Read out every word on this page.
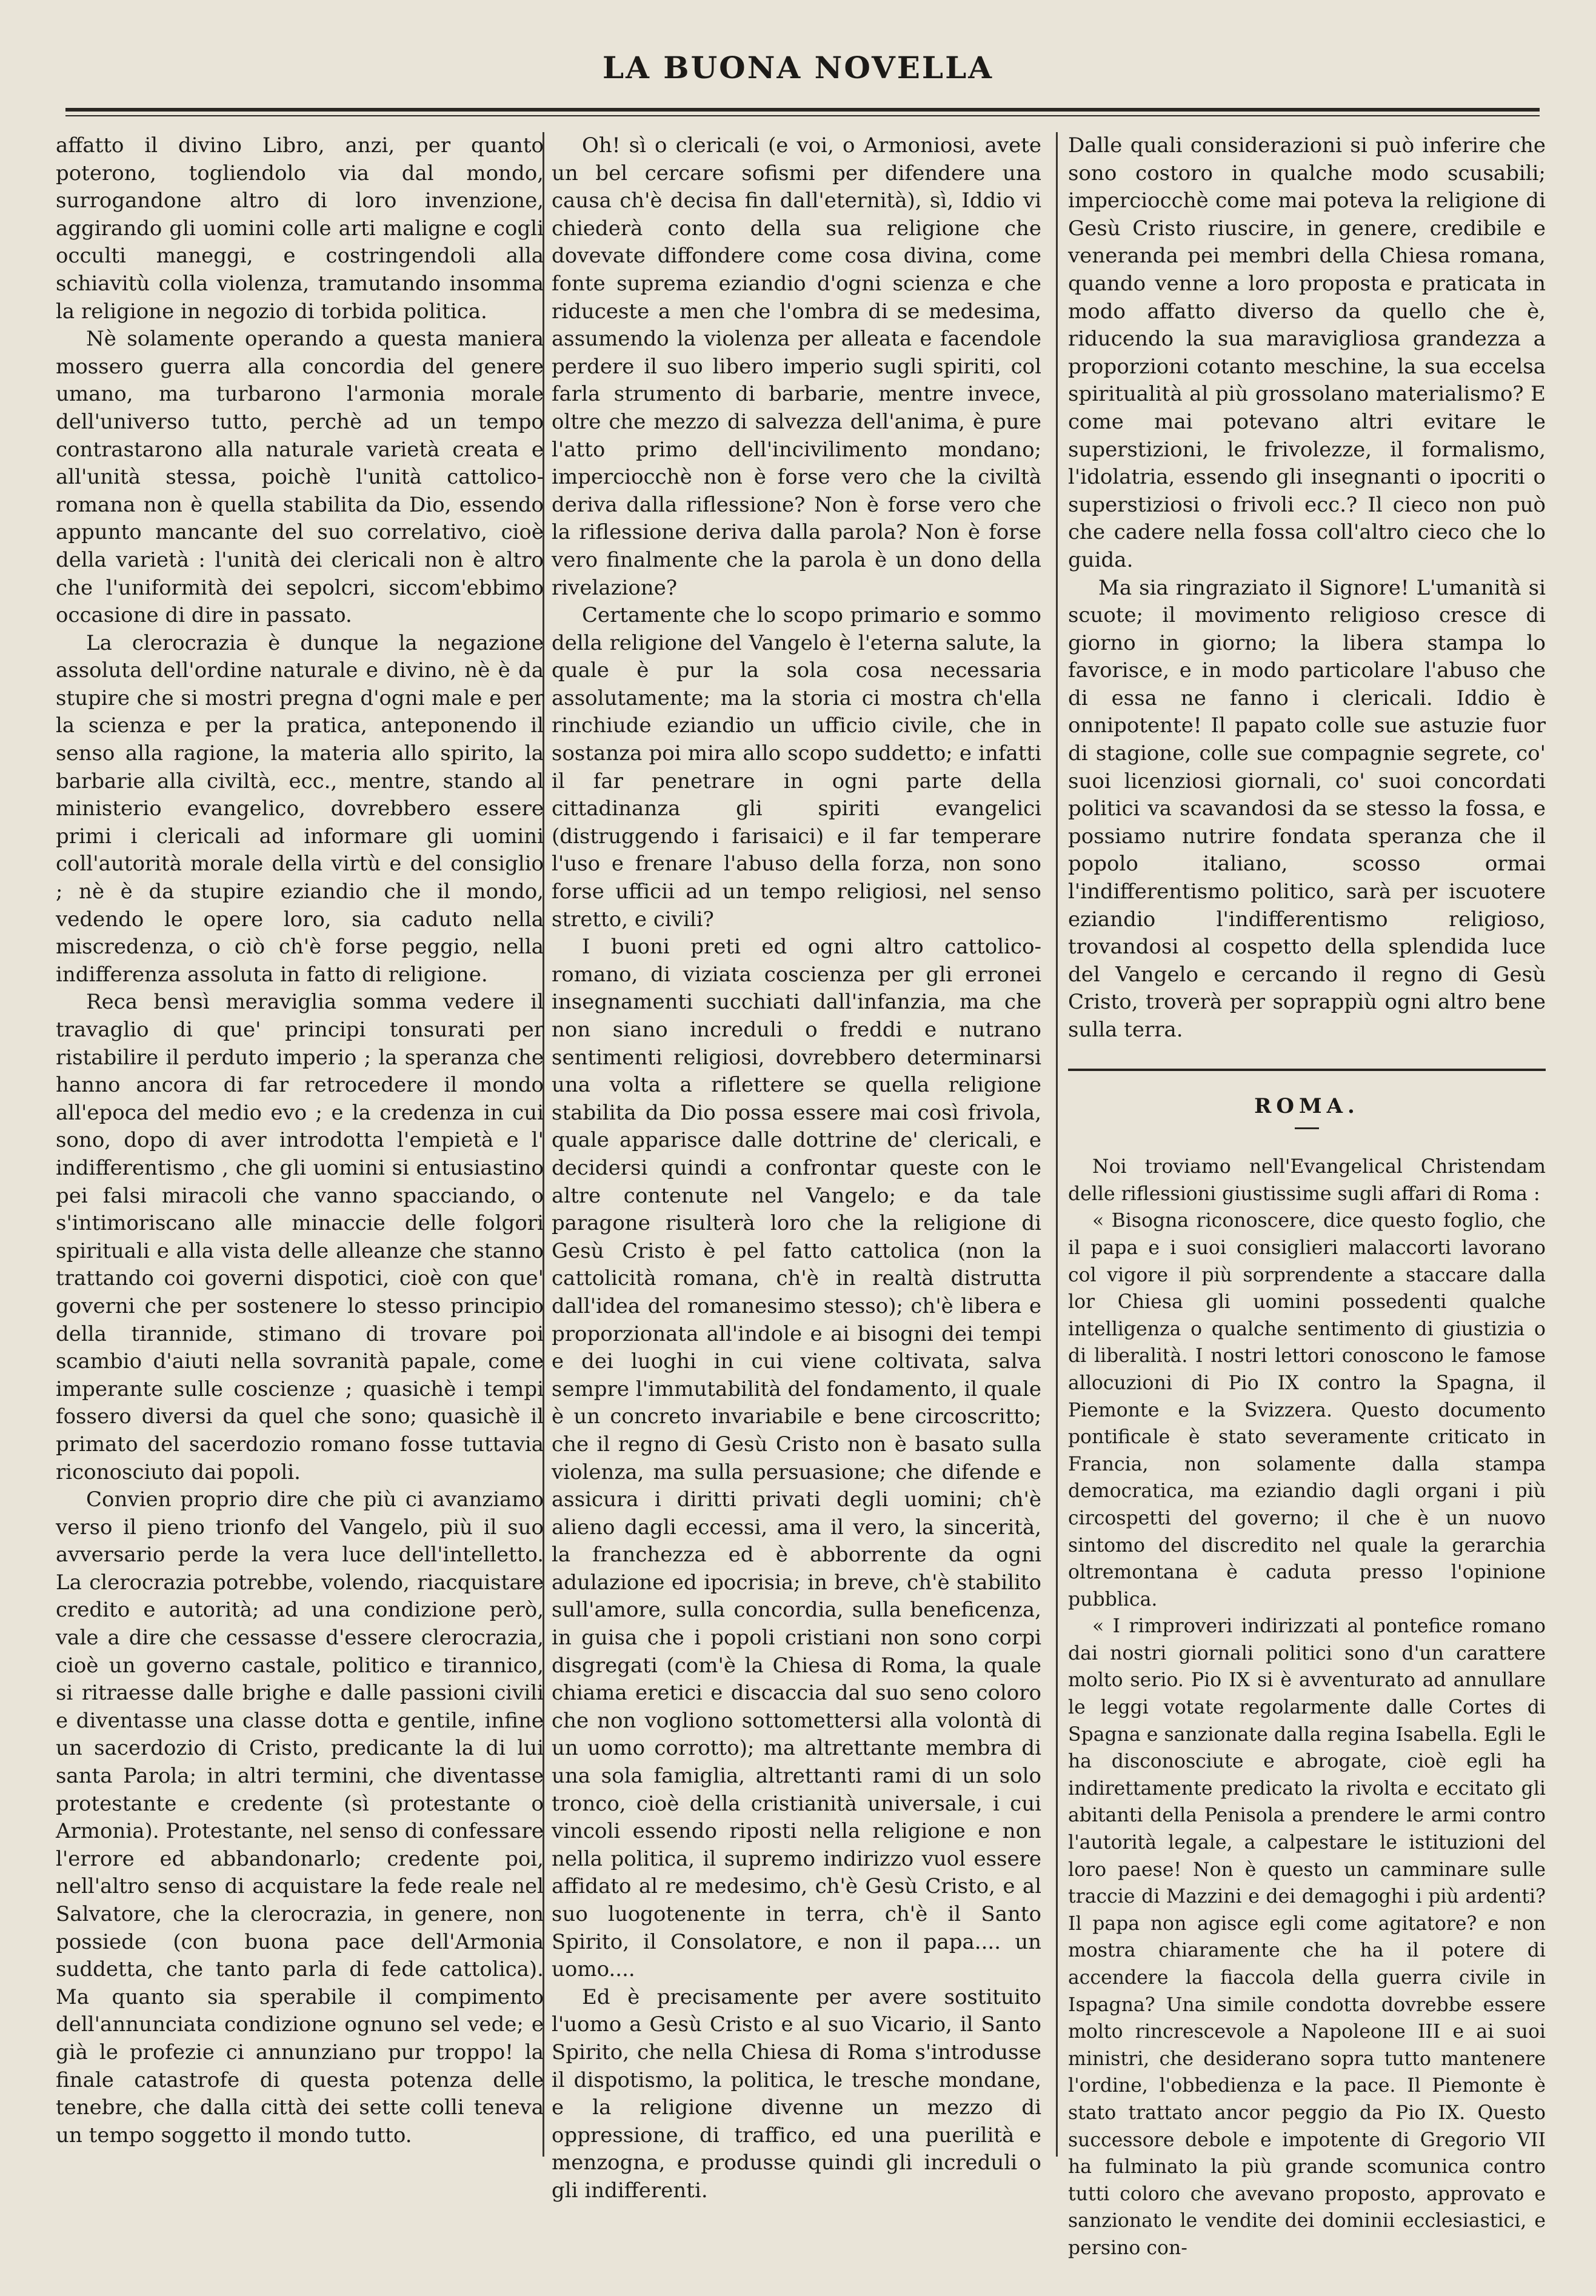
LA BUONA NOVELLA

affatto il divino Libro, anzi, per quanto poterono, togliendolo via dal mondo, surrogandone altro di loro invenzione, aggirando gli uomini colle arti maligne e cogli occulti maneggi, e costringendoli alla schiavitù colla violenza, tramutando insomma la religione in negozio di torbida politica.

Nè solamente operando a questa maniera mossero guerra alla concordia del genere umano, ma turbarono l'armonia morale dell'universo tutto, perchè ad un tempo contrastarono alla naturale varietà creata e all'unità stessa, poichè l'unità cattolico-romana non è quella stabilita da Dio, essendo appunto mancante del suo correlativo, cioè della varietà : l'unità dei clericali non è altro che l'uniformità dei sepolcri, siccom'ebbimo occasione di dire in passato.

La clerocrazia è dunque la negazione assoluta dell'ordine naturale e divino, nè è da stupire che si mostri pregna d'ogni male e per la scienza e per la pratica, anteponendo il senso alla ragione, la materia allo spirito, la barbarie alla civiltà, ecc., mentre, stando al ministerio evangelico, dovrebbero essere primi i clericali ad informare gli uomini coll'autorità morale della virtù e del consiglio ; nè è da stupire eziandio che il mondo, vedendo le opere loro, sia caduto nella miscredenza, o ciò ch'è forse peggio, nella indifferenza assoluta in fatto di religione.

Reca bensì meraviglia somma vedere il travaglio di que' principi tonsurati per ristabilire il perduto imperio ; la speranza che hanno ancora di far retrocedere il mondo all'epoca del medio evo ; e la credenza in cui sono, dopo di aver introdotta l'empietà e l' indifferentismo , che gli uomini si entusiastino pei falsi miracoli che vanno spacciando, o s'intimoriscano alle minaccie delle folgori spirituali e alla vista delle alleanze che stanno trattando coi governi dispotici, cioè con que' governi che per sostenere lo stesso principio della tirannide, stimano di trovare poi scambio d'aiuti nella sovranità papale, come imperante sulle coscienze ; quasichè i tempi fossero diversi da quel che sono; quasichè il primato del sacerdozio romano fosse tuttavia riconosciuto dai popoli.

Convien proprio dire che più ci avanziamo verso il pieno trionfo del Vangelo, più il suo avversario perde la vera luce dell'intelletto. La clerocrazia potrebbe, volendo, riacquistare credito e autorità; ad una condizione però, vale a dire che cessasse d'essere clerocrazia, cioè un governo castale, politico e tirannico, si ritraesse dalle brighe e dalle passioni civili e diventasse una classe dotta e gentile, infine un sacerdozio di Cristo, predicante la di lui santa Parola; in altri termini, che diventasse protestante e credente (sì protestante o Armonia). Protestante, nel senso di confessare l'errore ed abbandonarlo; credente poi, nell'altro senso di acquistare la fede reale nel Salvatore, che la clerocrazia, in genere, non possiede (con buona pace dell'Armonia suddetta, che tanto parla di fede cattolica). Ma quanto sia sperabile il compimento dell'annunciata condizione ognuno sel vede; e già le profezie ci annunziano pur troppo! la finale catastrofe di questa potenza delle tenebre, che dalla città dei sette colli teneva un tempo soggetto il mondo tutto.

Oh! sì o clericali (e voi, o Armoniosi, avete un bel cercare sofismi per difendere una causa ch'è decisa fin dall'eternità), sì, Iddio vi chiederà conto della sua religione che dovevate diffondere come cosa divina, come fonte suprema eziandio d'ogni scienza e che riduceste a men che l'ombra di se medesima, assumendo la violenza per alleata e facendole perdere il suo libero imperio sugli spiriti, col farla strumento di barbarie, mentre invece, oltre che mezzo di salvezza dell'anima, è pure l'atto primo dell'incivilimento mondano; imperciocchè non è forse vero che la civiltà deriva dalla riflessione? Non è forse vero che la riflessione deriva dalla parola? Non è forse vero finalmente che la parola è un dono della rivelazione?

Certamente che lo scopo primario e sommo della religione del Vangelo è l'eterna salute, la quale è pur la sola cosa necessaria assolutamente; ma la storia ci mostra ch'ella rinchiude eziandio un ufficio civile, che in sostanza poi mira allo scopo suddetto; e infatti il far penetrare in ogni parte della cittadinanza gli spiriti evangelici (distruggendo i farisaici) e il far temperare l'uso e frenare l'abuso della forza, non sono forse ufficii ad un tempo religiosi, nel senso stretto, e civili?

I buoni preti ed ogni altro cattolico-romano, di viziata coscienza per gli erronei insegnamenti succhiati dall'infanzia, ma che non siano increduli o freddi e nutrano sentimenti religiosi, dovrebbero determinarsi una volta a riflettere se quella religione stabilita da Dio possa essere mai così frivola, quale apparisce dalle dottrine de' clericali, e decidersi quindi a confrontar queste con le altre contenute nel Vangelo; e da tale paragone risulterà loro che la religione di Gesù Cristo è pel fatto cattolica (non la cattolicità romana, ch'è in realtà distrutta dall'idea del romanesimo stesso); ch'è libera e proporzionata all'indole e ai bisogni dei tempi e dei luoghi in cui viene coltivata, salva sempre l'immutabilità del fondamento, il quale è un concreto invariabile e bene circoscritto; che il regno di Gesù Cristo non è basato sulla violenza, ma sulla persuasione; che difende e assicura i diritti privati degli uomini; ch'è alieno dagli eccessi, ama il vero, la sincerità, la franchezza ed è abborrente da ogni adulazione ed ipocrisia; in breve, ch'è stabilito sull'amore, sulla concordia, sulla beneficenza, in guisa che i popoli cristiani non sono corpi disgregati (com'è la Chiesa di Roma, la quale chiama eretici e discaccia dal suo seno coloro che non vogliono sottomettersi alla volontà di un uomo corrotto); ma altrettante membra di una sola famiglia, altrettanti rami di un solo tronco, cioè della cristianità universale, i cui vincoli essendo riposti nella religione e non nella politica, il supremo indirizzo vuol essere affidato al re medesimo, ch'è Gesù Cristo, e al suo luogotenente in terra, ch'è il Santo Spirito, il Consolatore, e non il papa.... un uomo....

Ed è precisamente per avere sostituito l'uomo a Gesù Cristo e al suo Vicario, il Santo Spirito, che nella Chiesa di Roma s'introdusse il dispotismo, la politica, le tresche mondane, e la religione divenne un mezzo di oppressione, di traffico, ed una puerilità e menzogna, e produsse quindi gli increduli o gli indifferenti.

Dalle quali considerazioni si può inferire che sono costoro in qualche modo scusabili; imperciocchè come mai poteva la religione di Gesù Cristo riuscire, in genere, credibile e veneranda pei membri della Chiesa romana, quando venne a loro proposta e praticata in modo affatto diverso da quello che è, riducendo la sua maravigliosa grandezza a proporzioni cotanto meschine, la sua eccelsa spiritualità al più grossolano materialismo? E come mai potevano altri evitare le superstizioni, le frivolezze, il formalismo, l'idolatria, essendo gli insegnanti o ipocriti o superstiziosi o frivoli ecc.? Il cieco non può che cadere nella fossa coll'altro cieco che lo guida.

Ma sia ringraziato il Signore! L'umanità si scuote; il movimento religioso cresce di giorno in giorno; la libera stampa lo favorisce, e in modo particolare l'abuso che di essa ne fanno i clericali. Iddio è onnipotente! Il papato colle sue astuzie fuor di stagione, colle sue compagnie segrete, co' suoi licenziosi giornali, co' suoi concordati politici va scavandosi da se stesso la fossa, e possiamo nutrire fondata speranza che il popolo italiano, scosso ormai l'indifferentismo politico, sarà per iscuotere eziandio l'indifferentismo religioso, trovandosi al cospetto della splendida luce del Vangelo e cercando il regno di Gesù Cristo, troverà per soprappiù ogni altro bene sulla terra.

ROMA.

Noi troviamo nell'Evangelical Christendam delle riflessioni giustissime sugli affari di Roma :

« Bisogna riconoscere, dice questo foglio, che il papa e i suoi consiglieri malaccorti lavorano col vigore il più sorprendente a staccare dalla lor Chiesa gli uomini possedenti qualche intelligenza o qualche sentimento di giustizia o di liberalità. I nostri lettori conoscono le famose allocuzioni di Pio IX contro la Spagna, il Piemonte e la Svizzera. Questo documento pontificale è stato severamente criticato in Francia, non solamente dalla stampa democratica, ma eziandio dagli organi i più circospetti del governo; il che è un nuovo sintomo del discredito nel quale la gerarchia oltremontana è caduta presso l'opinione pubblica.

« I rimproveri indirizzati al pontefice romano dai nostri giornali politici sono d'un carattere molto serio. Pio IX si è avventurato ad annullare le leggi votate regolarmente dalle Cortes di Spagna e sanzionate dalla regina Isabella. Egli le ha disconosciute e abrogate, cioè egli ha indirettamente predicato la rivolta e eccitato gli abitanti della Penisola a prendere le armi contro l'autorità legale, a calpestare le istituzioni del loro paese! Non è questo un camminare sulle traccie di Mazzini e dei demagoghi i più ardenti? Il papa non agisce egli come agitatore? e non mostra chiaramente che ha il potere di accendere la fiaccola della guerra civile in Ispagna? Una simile condotta dovrebbe essere molto rincrescevole a Napoleone III e ai suoi ministri, che desiderano sopra tutto mantenere l'ordine, l'obbedienza e la pace. Il Piemonte è stato trattato ancor peggio da Pio IX. Questo successore debole e impotente di Gregorio VII ha fulminato la più grande scomunica contro tutti coloro che avevano proposto, approvato e sanzionato le vendite dei dominii ecclesiastici, e persino con-
